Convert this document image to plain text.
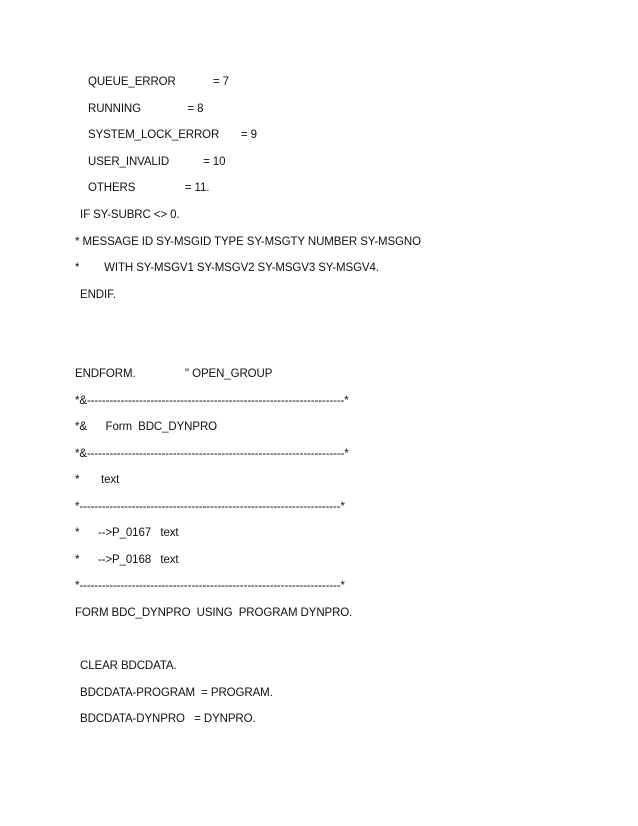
QUEUE_ERROR            = 7
RUNNING               = 8
SYSTEM_LOCK_ERROR       = 9
USER_INVALID           = 10
OTHERS                = 11.
IF SY-SUBRC <> 0.
* MESSAGE ID SY-MSGID TYPE SY-MSGTY NUMBER SY-MSGNO
*        WITH SY-MSGV1 SY-MSGV2 SY-MSGV3 SY-MSGV4.
ENDIF.
ENDFORM.                " OPEN_GROUP
*&---------------------------------------------------------------------*
*&      Form  BDC_DYNPRO
*&---------------------------------------------------------------------*
*       text
*----------------------------------------------------------------------*
*      -->P_0167   text
*      -->P_0168   text
*----------------------------------------------------------------------*
FORM BDC_DYNPRO  USING  PROGRAM DYNPRO.
CLEAR BDCDATA.
BDCDATA-PROGRAM  = PROGRAM.
BDCDATA-DYNPRO   = DYNPRO.
